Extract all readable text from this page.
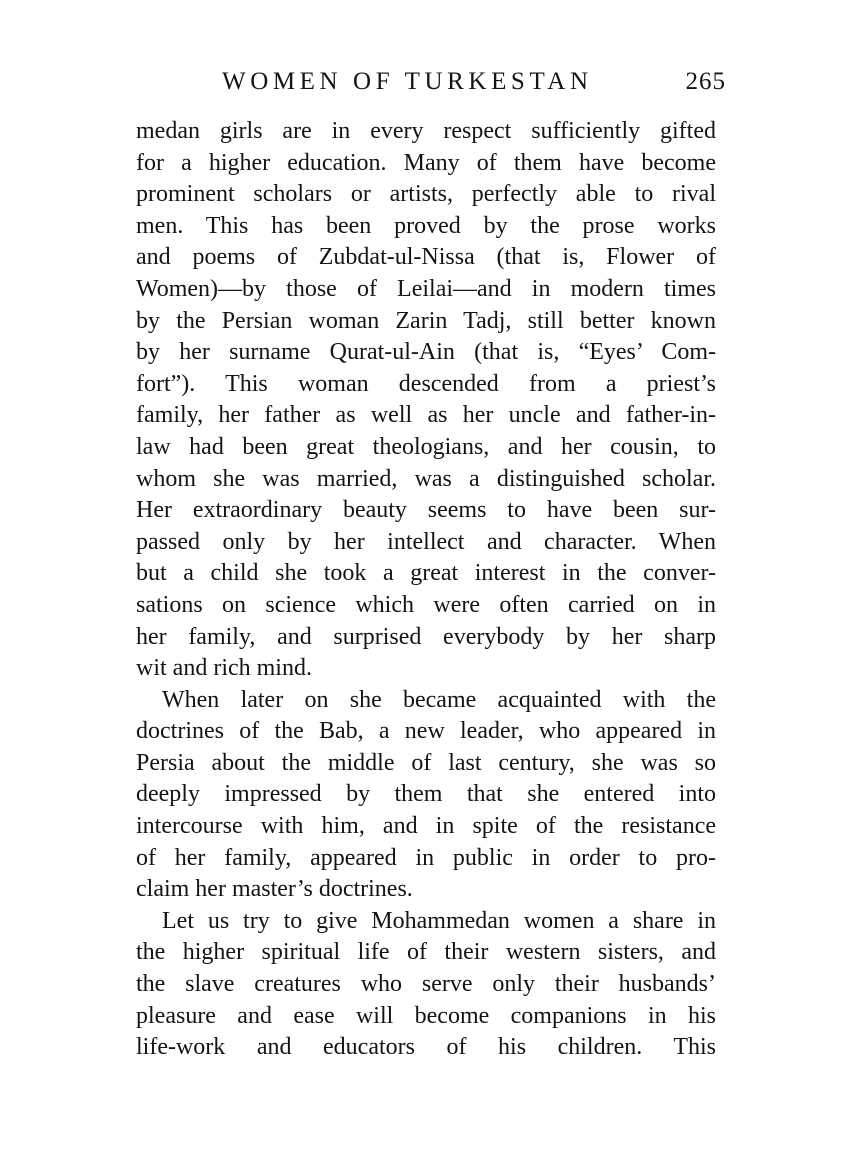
WOMEN OF TURKESTAN	265
medan girls are in every respect sufficiently gifted
for a higher education. Many of them have become
prominent scholars or artists, perfectly able to rival
men. This has been proved by the prose works
and poems of Zubdat-ul-Nissa (that is, Flower of
Women)—by those of Leilai—and in modern times
by the Persian woman Zarin Tadj, still better known
by her surname Qurat-ul-Ain (that is, “Eyes’ Com-
fort”). This woman descended from a priest’s
family, her father as well as her uncle and father-in-
law had been great theologians, and her cousin, to
whom she was married, was a distinguished scholar.
Her extraordinary beauty seems to have been sur-
passed only by her intellect and character. When
but a child she took a great interest in the conver-
sations on science which were often carried on in
her family, and surprised everybody by her sharp
wit and rich mind.
When later on she became acquainted with the
doctrines of the Bab, a new leader, who appeared in
Persia about the middle of last century, she was so
deeply impressed by them that she entered into
intercourse with him, and in spite of the resistance
of her family, appeared in public in order to pro-
claim her master’s doctrines.
Let us try to give Mohammedan women a share in
the higher spiritual life of their western sisters, and
the slave creatures who serve only their husbands’
pleasure and ease will become companions in his
life-work and educators of his children. This
